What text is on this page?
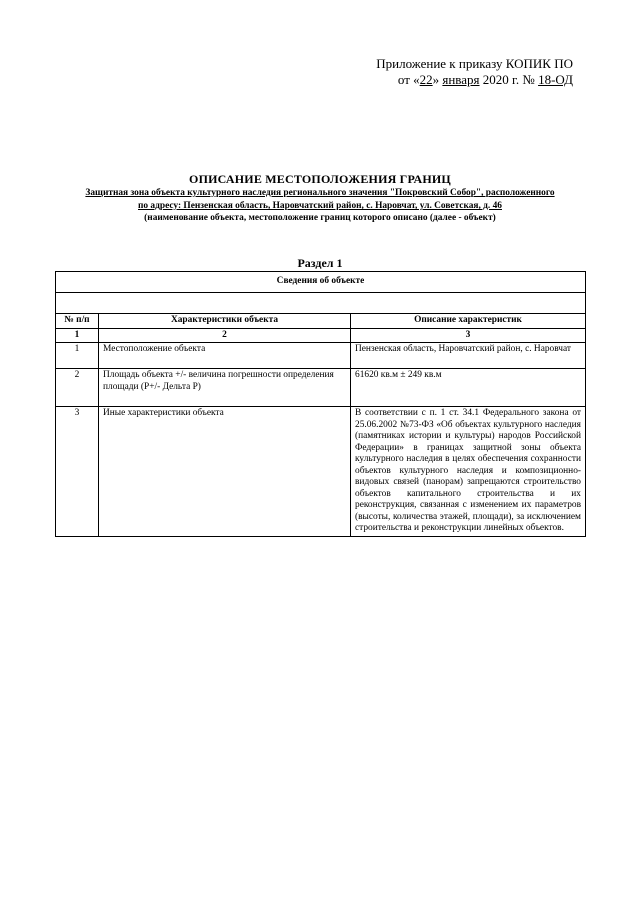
Приложение к приказу КОПИК ПО
от «22» января 2020 г. № 18-ОД
ОПИСАНИЕ МЕСТОПОЛОЖЕНИЯ ГРАНИЦ
Защитная зона объекта культурного наследия регионального значения "Покровский Собор", расположенного
по адресу: Пензенская область, Наровчатский район, с. Наровчат, ул. Советская, д. 46
(наименование объекта, местоположение границ которого описано (далее - объект)
Раздел 1
Сведения об объекте		

№ п/п	Характеристики объекта	Описание характеристик
1	2	3
1	Местоположение объекта	Пензенская область, Наровчатский район, с. Наровчат
2	Площадь объекта +/- величина погрешности определения площади (Р+/- Дельта Р)	61620 кв.м ± 249 кв.м
3	Иные характеристики объекта	В соответствии с п. 1 ст. 34.1 Федерального закона от 25.06.2002 №73-ФЗ «Об объектах культурного наследия (памятниках истории и культуры) народов Российской Федерации» в границах защитной зоны объекта культурного наследия в целях обеспечения сохранности объектов культурного наследия и композиционно-видовых связей (панорам) запрещаются строительство объектов капитального строительства и их реконструкция, связанная с изменением их параметров (высоты, количества этажей, площади), за исключением строительства и реконструкции линейных объектов.
